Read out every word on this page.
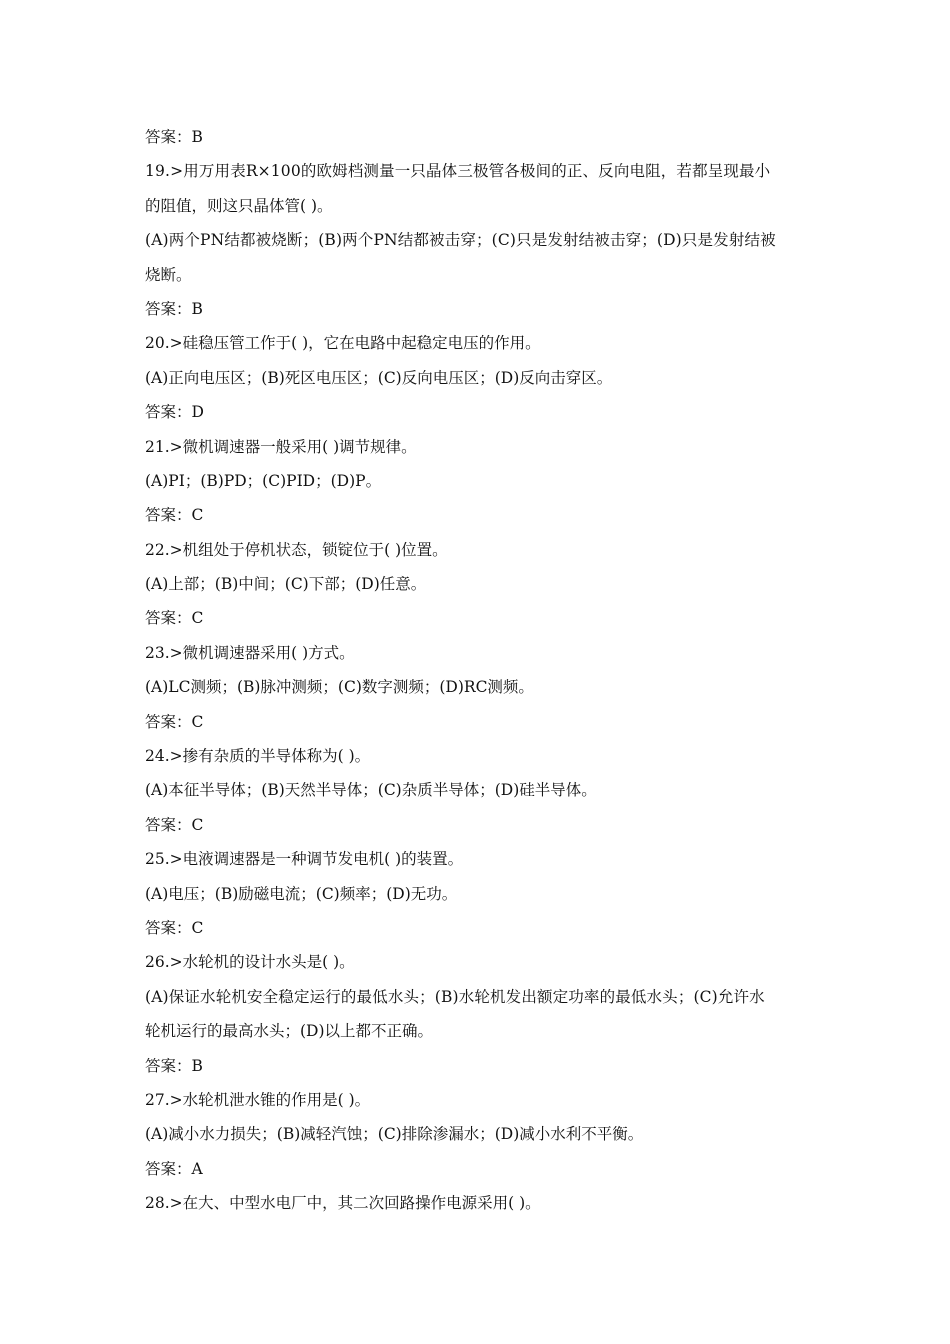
答案：B
19.>用万用表R×100的欧姆档测量一只晶体三极管各极间的正、反向电阻，若都呈现最小
的阻值，则这只晶体管( )。
(A)两个PN结都被烧断；(B)两个PN结都被击穿；(C)只是发射结被击穿；(D)只是发射结被
烧断。
答案：B
20.>硅稳压管工作于( )，它在电路中起稳定电压的作用。
(A)正向电压区；(B)死区电压区；(C)反向电压区；(D)反向击穿区。
答案：D
21.>微机调速器一般采用( )调节规律。
(A)PI；(B)PD；(C)PID；(D)P。
答案：C
22.>机组处于停机状态，锁锭位于( )位置。
(A)上部；(B)中间；(C)下部；(D)任意。
答案：C
23.>微机调速器采用( )方式。
(A)LC测频；(B)脉冲测频；(C)数字测频；(D)RC测频。
答案：C
24.>掺有杂质的半导体称为( )。
(A)本征半导体；(B)天然半导体；(C)杂质半导体；(D)硅半导体。
答案：C
25.>电液调速器是一种调节发电机( )的装置。
(A)电压；(B)励磁电流；(C)频率；(D)无功。
答案：C
26.>水轮机的设计水头是( )。
(A)保证水轮机安全稳定运行的最低水头；(B)水轮机发出额定功率的最低水头；(C)允许水
轮机运行的最高水头；(D)以上都不正确。
答案：B
27.>水轮机泄水锥的作用是( )。
(A)减小水力损失；(B)减轻汽蚀；(C)排除渗漏水；(D)减小水利不平衡。
答案：A
28.>在大、中型水电厂中，其二次回路操作电源采用( )。
